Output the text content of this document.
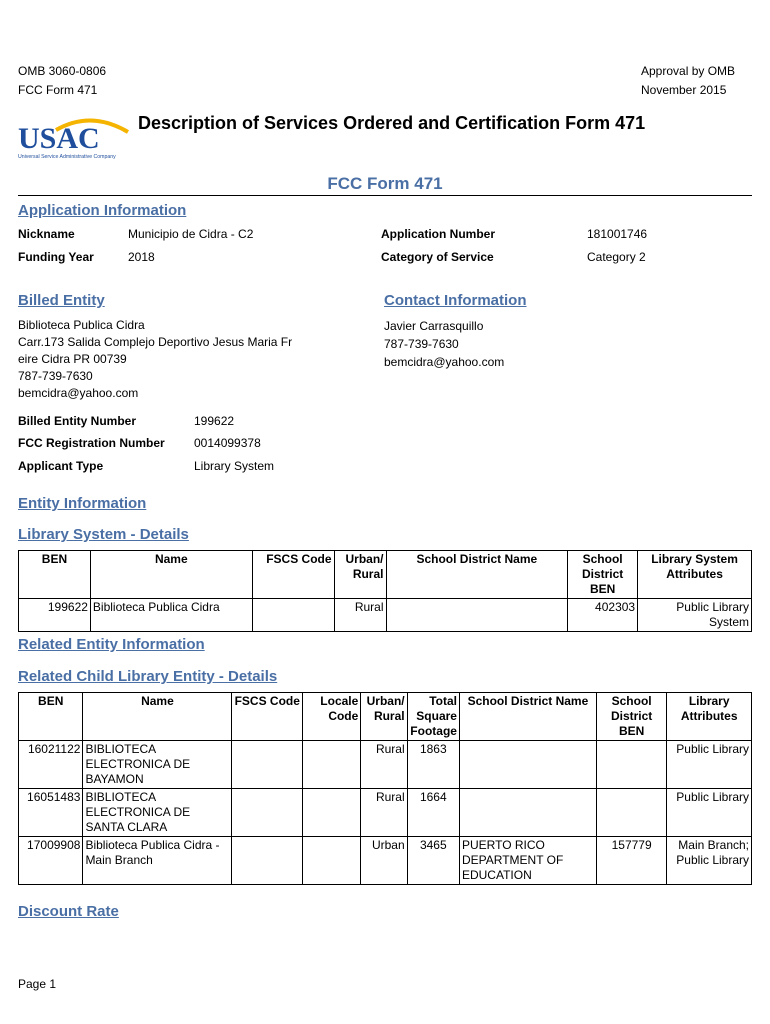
OMB 3060-0806
FCC Form 471
Approval by OMB
November 2015
USAC
Universal Service Administrative Company
Description of Services Ordered and Certification Form 471
FCC Form 471
Application Information
Nickname	Municipio de Cidra - C2	Application Number	181001746
Funding Year	2018	Category of Service	Category 2
Billed Entity
Biblioteca Publica Cidra
Carr.173 Salida Complejo Deportivo Jesus Maria Fr
eire Cidra PR 00739
787-739-7630
bemcidra@yahoo.com
Contact Information
Javier Carrasquillo
787-739-7630
bemcidra@yahoo.com
Billed Entity Number	199622
FCC Registration Number 0014099378
Applicant Type	Library System
Entity Information
Library System - Details
BEN	Name	FSCS Code	Urban/ Rural	School District Name	School District BEN	Library System Attributes
199622	Biblioteca Publica Cidra		Rural		402303	Public Library System
Related Entity Information
Related Child Library Entity - Details
BEN	Name	FSCS Code	Locale Code	Urban/ Rural	Total Square Footage	School District Name	School District BEN	Library Attributes
16021122	BIBLIOTECA ELECTRONICA DE BAYAMON			Rural	1863			Public Library
16051483	BIBLIOTECA ELECTRONICA DE SANTA CLARA			Rural	1664			Public Library
17009908	Biblioteca Publica Cidra - Main Branch			Urban	3465	PUERTO RICO DEPARTMENT OF EDUCATION	157779	Main Branch; Public Library
Discount Rate
Page 1
